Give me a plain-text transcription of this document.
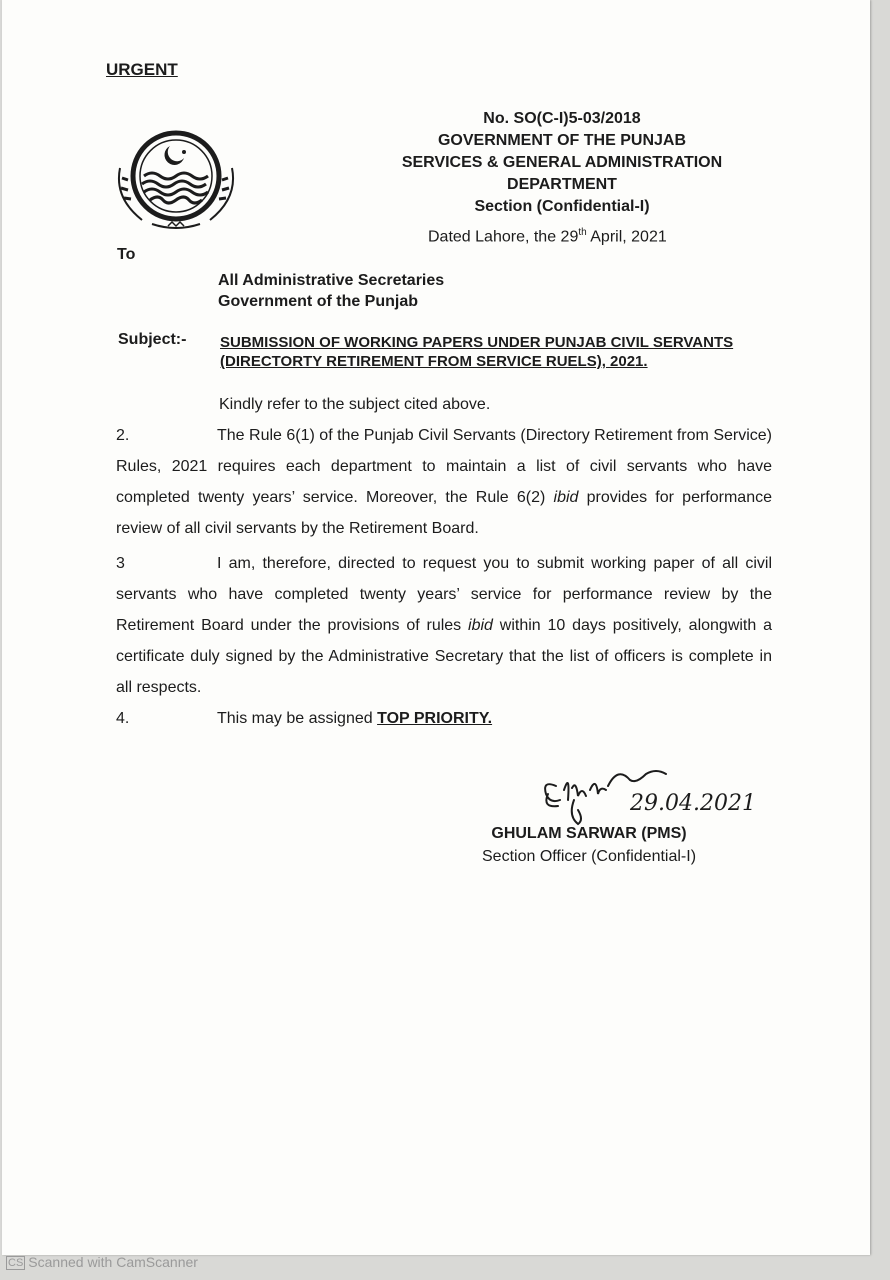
URGENT
No. SO(C-I)5-03/2018
GOVERNMENT OF THE PUNJAB
SERVICES & GENERAL ADMINISTRATION
DEPARTMENT
Section (Confidential-I)
Dated Lahore, the 29th April, 2021
To
All Administrative Secretaries
Government of the Punjab
Subject:- SUBMISSION OF WORKING PAPERS UNDER PUNJAB CIVIL SERVANTS (DIRECTORTY RETIREMENT FROM SERVICE RUELS), 2021.
Kindly refer to the subject cited above.
2.	The Rule 6(1) of the Punjab Civil Servants (Directory Retirement from Service) Rules, 2021 requires each department to maintain a list of civil servants who have completed twenty years’ service. Moreover, the Rule 6(2) ibid provides for performance review of all civil servants by the Retirement Board.
3	I am, therefore, directed to request you to submit working paper of all civil servants who have completed twenty years’ service for performance review by the Retirement Board under the provisions of rules ibid within 10 days positively, alongwith a certificate duly signed by the Administrative Secretary that the list of officers is complete in all respects.
4.	This may be assigned TOP PRIORITY.
29.04.2021
GHULAM SARWAR (PMS)
Section Officer (Confidential-I)
CS Scanned with CamScanner
